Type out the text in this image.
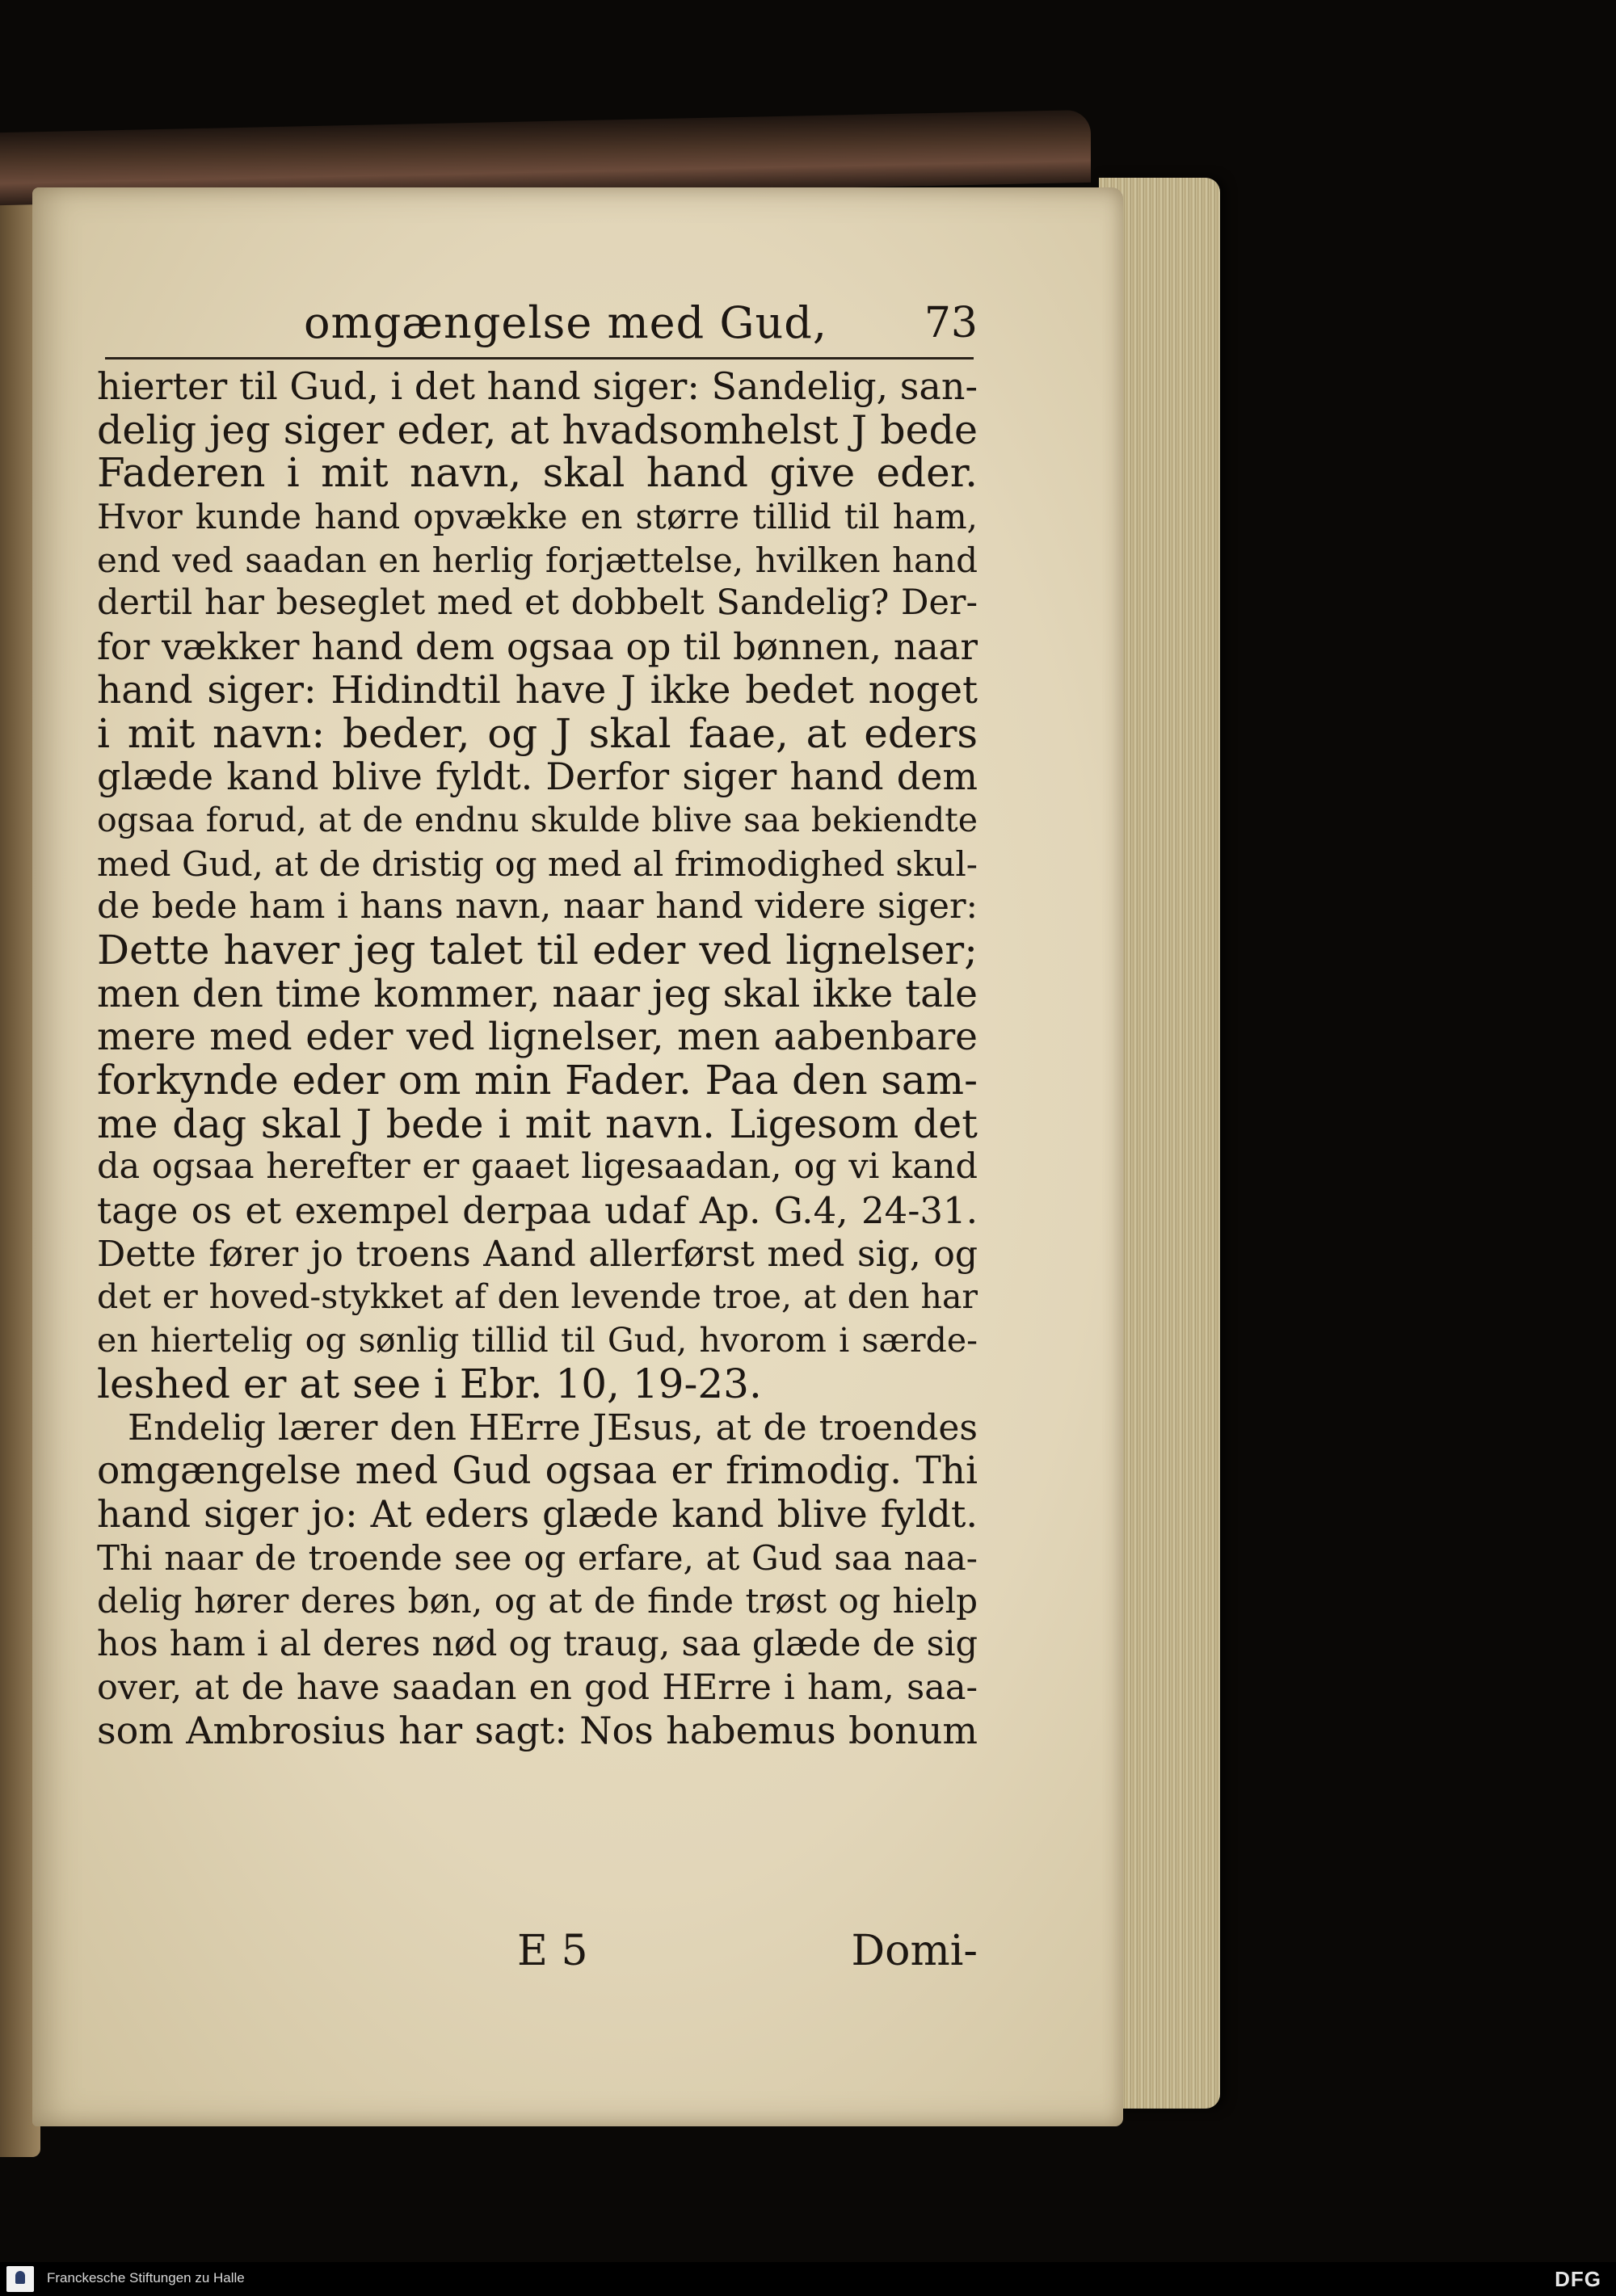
omgængelse med Gud, 73
hierter til Gud, i det hand siger: Sandelig, san-
delig jeg siger eder, at hvadsomhelst J bede
Faderen i mit navn, skal hand give eder.
Hvor kunde hand opvække en større tillid til ham,
end ved saadan en herlig forjættelse, hvilken hand
dertil har beseglet med et dobbelt Sandelig? Der-
for vækker hand dem ogsaa op til bønnen, naar
hand siger: Hidindtil have J ikke bedet noget
i mit navn: beder, og J skal faae, at eders
glæde kand blive fyldt. Derfor siger hand dem
ogsaa forud, at de endnu skulde blive saa bekiendte
med Gud, at de dristig og med al frimodighed skul-
de bede ham i hans navn, naar hand videre siger:
Dette haver jeg talet til eder ved lignelser;
men den time kommer, naar jeg skal ikke tale
mere med eder ved lignelser, men aabenbare
forkynde eder om min Fader. Paa den sam-
me dag skal J bede i mit navn. Ligesom det
da ogsaa herefter er gaaet ligesaadan, og vi kand
tage os et exempel derpaa udaf Ap. G.4, 24-31.
Dette fører jo troens Aand allerførst med sig, og
det er hoved-stykket af den levende troe, at den har
en hiertelig og sønlig tillid til Gud, hvorom i særde-
leshed er at see i Ebr. 10, 19-23.
Endelig lærer den HErre JEsus, at de troendes
omgængelse med Gud ogsaa er frimodig. Thi
hand siger jo: At eders glæde kand blive fyldt.
Thi naar de troende see og erfare, at Gud saa naa-
delig hører deres bøn, og at de finde trøst og hielp
hos ham i al deres nød og traug, saa glæde de sig
over, at de have saadan en god HErre i ham, saa-
som Ambrosius har sagt: Nos habemus bonum
E 5	Domi-
Franckesche Stiftungen zu Halle	DFG
